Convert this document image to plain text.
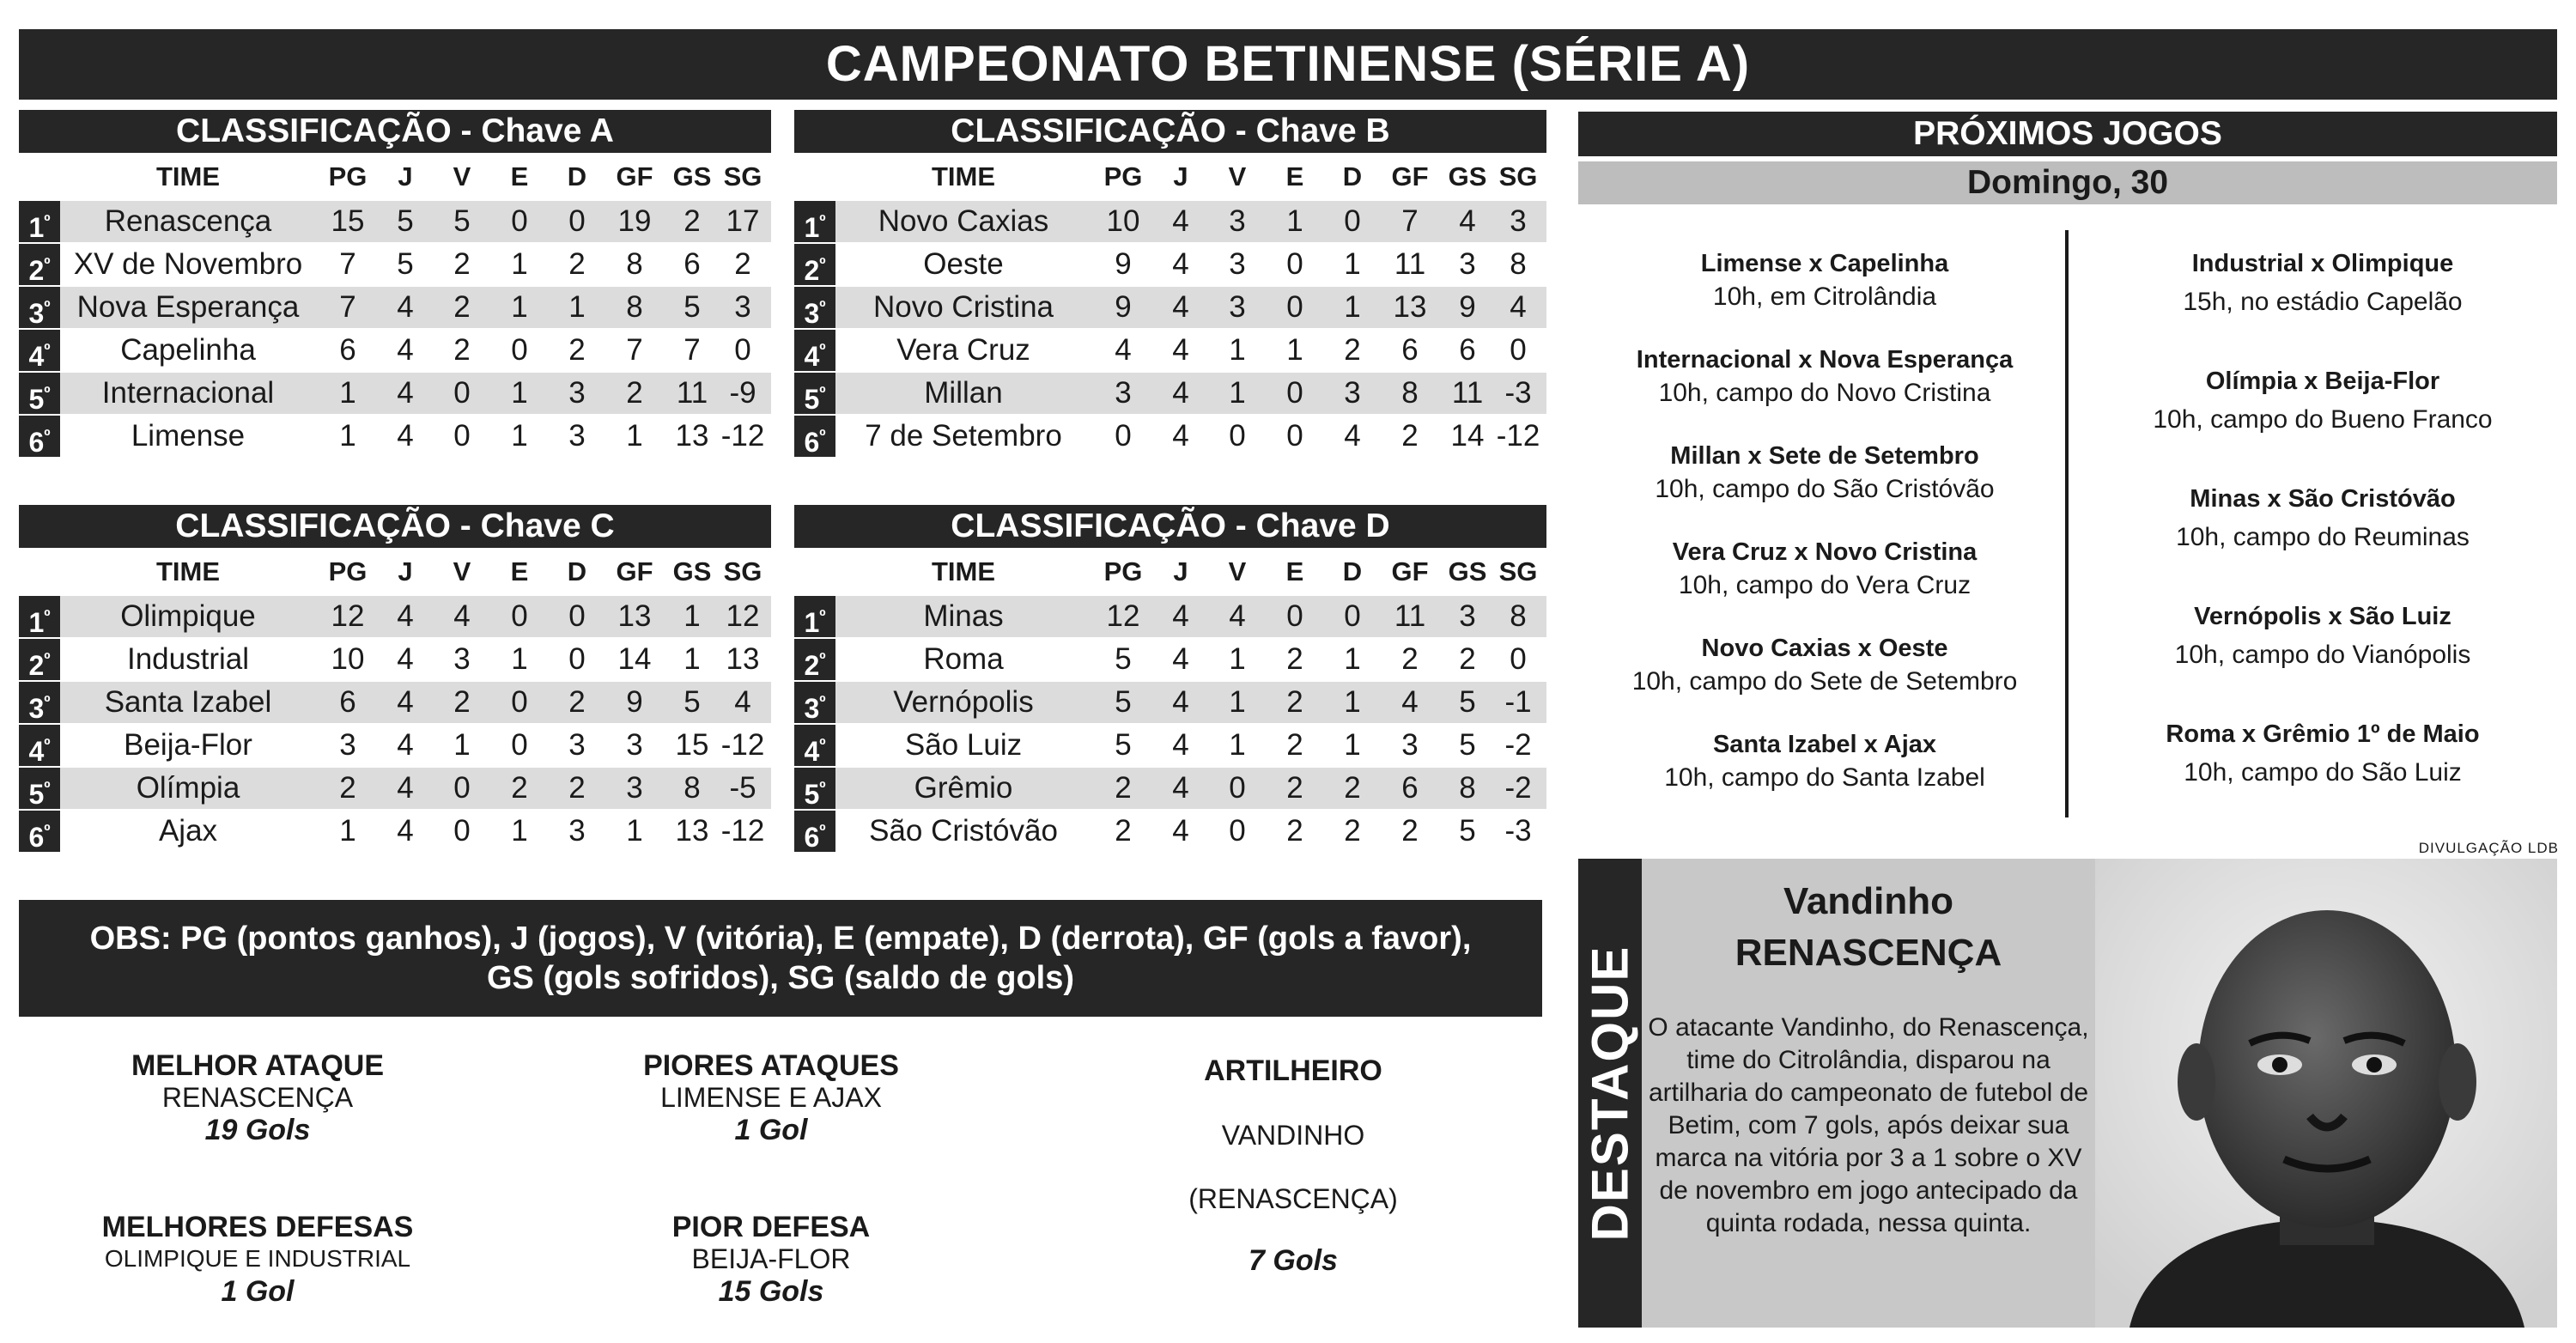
CAMPEONATO BETINENSE (SÉRIE A)
CLASSIFICAÇÃO - Chave A
TIME	PG	J	V	E	D	GF GS SG
$1^º$	Renascença	15	5	5	0	0	19	2 17
$2^º$ XV de Novembro	7	5	2	1	2	8	6	2
$3^º$ Nova Esperança	7	4	2	1	1	8	5	3
$4^º$	Capelinha	6	4	2	0	2	7	7	0
$5^º$	Internacional	1	4	0	1	3	2	11 -9
$6^º$	Limense	1	4	0	1	3	1	13 -12
CLASSIFICAÇÃO - Chave B
TIME	PG	J	V	E	D	GF GS SG
$1^º$	Novo Caxias	10	4	3	1	0	7	4	3
$2^º$	Oeste	9	4	3	0	1	11	3	8
$3^º$	Novo Cristina	9	4	3	0	1	13	9	4
$4^º$	Vera Cruz	4	4	1	1	2	6	6	0
$5^º$	Millan	3	4	1	0	3	8	11 -3
$6^º$	7 de Setembro	0	4	0	0	4	2	14 -12
CLASSIFICAÇÃO - Chave C
TIME	PG	J	V	E	D	GF GS SG
$1^º$	Olimpique	12	4	4	0	0	13	1 12
$2^º$	Industrial	10	4	3	1	0	14	1 13
$3^º$	Santa Izabel	6	4	2	0	2	9	5	4
$4^º$	Beija-Flor	3	4	1	0	3	3	15 -12
$5^º$	Olímpia	2	4	0	2	2	3	8 -5
$6^º$	Ajax	1	4	0	1	3	1	13 -12
CLASSIFICAÇÃO - Chave D
TIME	PG	J	V	E	D	GF GS SG
$1^º$	Minas	12	4	4	0	0	11	3	8
$2^º$	Roma	5	4	1	2	1	2	2	0
$3^º$	Vernópolis	5	4	1	2	1	4	5 -1
$4^º$	São Luiz	5	4	1	2	1	3	5 -2
$5^º$	Grêmio	2	4	0	2	2	6	8 -2
$6^º$	São Cristóvão	2	4	0	2	2	2	5 -3
OBS: PG (pontos ganhos), J (jogos), V (vitória), E (empate), D (derrota), GF (gols a favor),
GS (gols sofridos), SG (saldo de gols)
MELHOR ATAQUE
RENASCENÇA
19 Gols
PIORES ATAQUES
LIMENSE E AJAX
1 Gol
MELHORES DEFESAS
OLIMPIQUE E INDUSTRIAL
1 Gol
PIOR DEFESA
BEIJA-FLOR
15 Gols
ARTILHEIRO
VANDINHO
(RENASCENÇA)
7 Gols
PRÓXIMOS JOGOS
Domingo, 30
Limense x Capelinha
10h, em Citrolândia
Internacional x Nova Esperança
10h, campo do Novo Cristina
Millan x Sete de Setembro
10h, campo do São Cristóvão
Vera Cruz x Novo Cristina
10h, campo do Vera Cruz
Novo Caxias x Oeste
10h, campo do Sete de Setembro
Santa Izabel x Ajax
10h, campo do Santa Izabel
Industrial x Olimpique
15h, no estádio Capelão
Olímpia x Beija-Flor
10h, campo do Bueno Franco
Minas x São Cristóvão
10h, campo do Reuminas
Vernópolis x São Luiz
10h, campo do Vianópolis
Roma x Grêmio 1º de Maio
10h, campo do São Luiz
DIVULGAÇÃO LDB
DESTAQUE
Vandinho
RENASCENÇA
O atacante Vandinho, do Renascença, time do Citrolândia, disparou na artilharia do campeonato de futebol de Betim, com 7 gols, após deixar sua marca na vitória por 3 a 1 sobre o XV de novembro em jogo antecipado da quinta rodada, nessa quinta.
